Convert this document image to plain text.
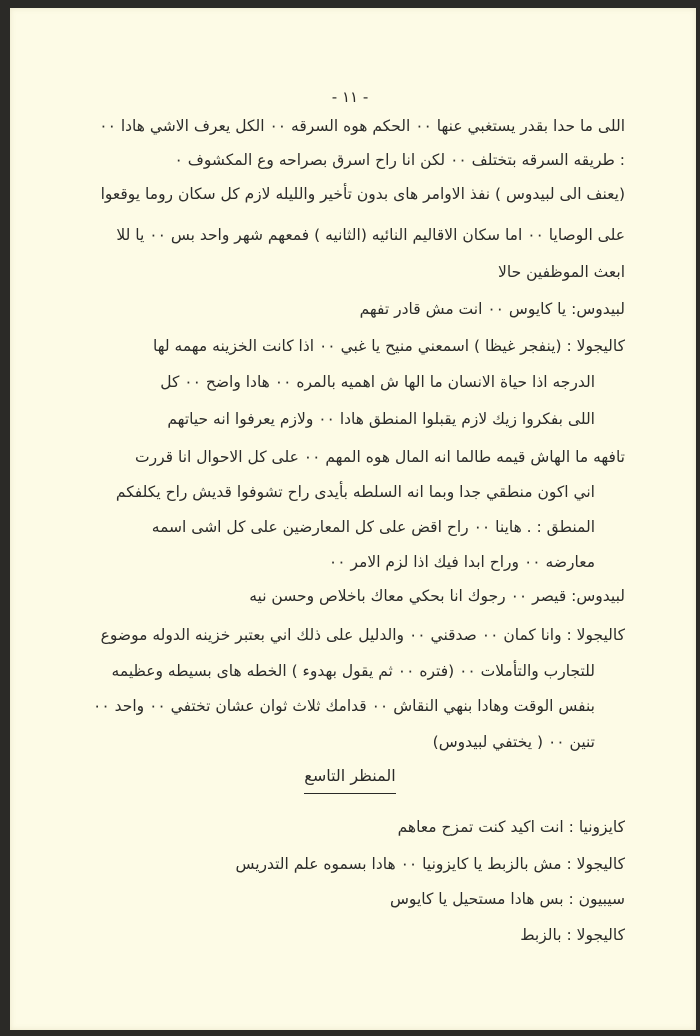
- ١١ -
اللى ما حدا بقدر يستغبي عنها ٠٠ الحكم هوه السرقه ٠٠ الكل يعرف الاشي هادا ٠٠
: طريقه السرقه بتختلف ٠٠ لكن انا راح اسرق بصراحه وع المكشوف ٠
(يعنف الى لبيدوس ) نفذ الاوامر هاى بدون تأخير والليله لازم كل سكان روما يوقعوا
على الوصايا ٠٠ اما سكان الاقاليم النائيه (الثانيه ) فمعهم شهر واحد بس ٠٠ يا للا
ابعث الموظفين حالا
لبيدوس: يا كايوس ٠٠ انت مش قادر تفهم
كاليجولا : (ينفجر غيظا ) اسمعني منيح يا غبي ٠٠ اذا كانت الخزينه مهمه لها
الدرجه اذا حياة الانسان ما الها ش اهميه بالمره ٠٠ هادا واضح ٠٠ كل
اللى بفكروا زيك لازم يقبلوا المنطق هادا ٠٠ ولازم يعرفوا انه حياتهم
تافهه ما الهاش قيمه طالما انه المال هوه المهم ٠٠ على كل الاحوال انا قررت
اني اكون منطقي جدا وبما انه السلطه بأيدى راح تشوفوا قديش راح يكلفكم
المنطق : . هاينا ٠٠ راح اقض على كل المعارضين على كل اشى اسمه
معارضه ٠٠ وراح ابدا فيك اذا لزم الامر ٠٠
لبيدوس: قيصر ٠٠ رجوك انا بحكي معاك باخلاص وحسن نيه
كاليجولا : وانا كمان ٠٠ صدقني ٠٠ والدليل على ذلك اني بعتبر خزينه الدوله موضوع
للتجارب والتأملات ٠٠ (فتره ٠٠ ثم يقول بهدوء ) الخطه هاى بسيطه وعظيمه
بنفس الوقت وهادا بنهي النقاش ٠٠ قدامك ثلاث ثوان عشان تختفي ٠٠ واحد ٠٠
تنين ٠٠ ( يختفي لبيدوس)
المنظر التاسع
كايزونيا : انت اكيد كنت تمزح معاهم
كاليجولا : مش بالزبط يا كايزونيا ٠٠ هادا بسموه علم التدريس
سيبيون : بس هادا مستحيل يا كايوس
كاليجولا : بالزبط
